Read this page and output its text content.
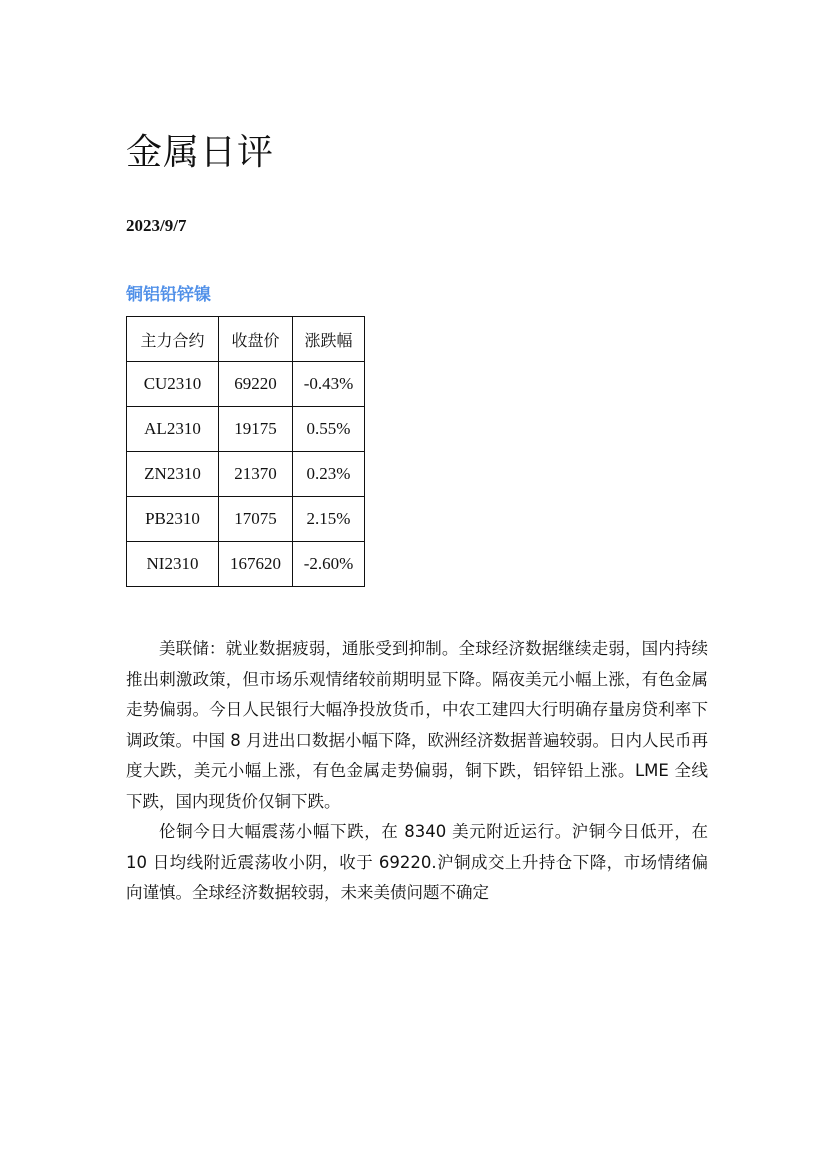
金属日评
2023/9/7
铜铝铅锌镍
主力合约	收盘价	涨跌幅
CU2310	69220	-0.43%
AL2310	19175	0.55%
ZN2310	21370	0.23%
PB2310	17075	2.15%
NI2310	167620	-2.60%

美联储：就业数据疲弱，通胀受到抑制。全球经济数据继续走弱，国内持续推出刺激政策，但市场乐观情绪较前期明显下降。隔夜美元小幅上涨，有色金属走势偏弱。今日人民银行大幅净投放货币，中农工建四大行明确存量房贷利率下调政策。中国 8 月进出口数据小幅下降，欧洲经济数据普遍较弱。日内人民币再度大跌，美元小幅上涨，有色金属走势偏弱，铜下跌，铝锌铅上涨。LME 全线下跌，国内现货价仅铜下跌。

伦铜今日大幅震荡小幅下跌，在 8340 美元附近运行。沪铜今日低开，在 10 日均线附近震荡收小阴，收于 69220.沪铜成交上升持仓下降，市场情绪偏向谨慎。全球经济数据较弱，未来美债问题不确定
